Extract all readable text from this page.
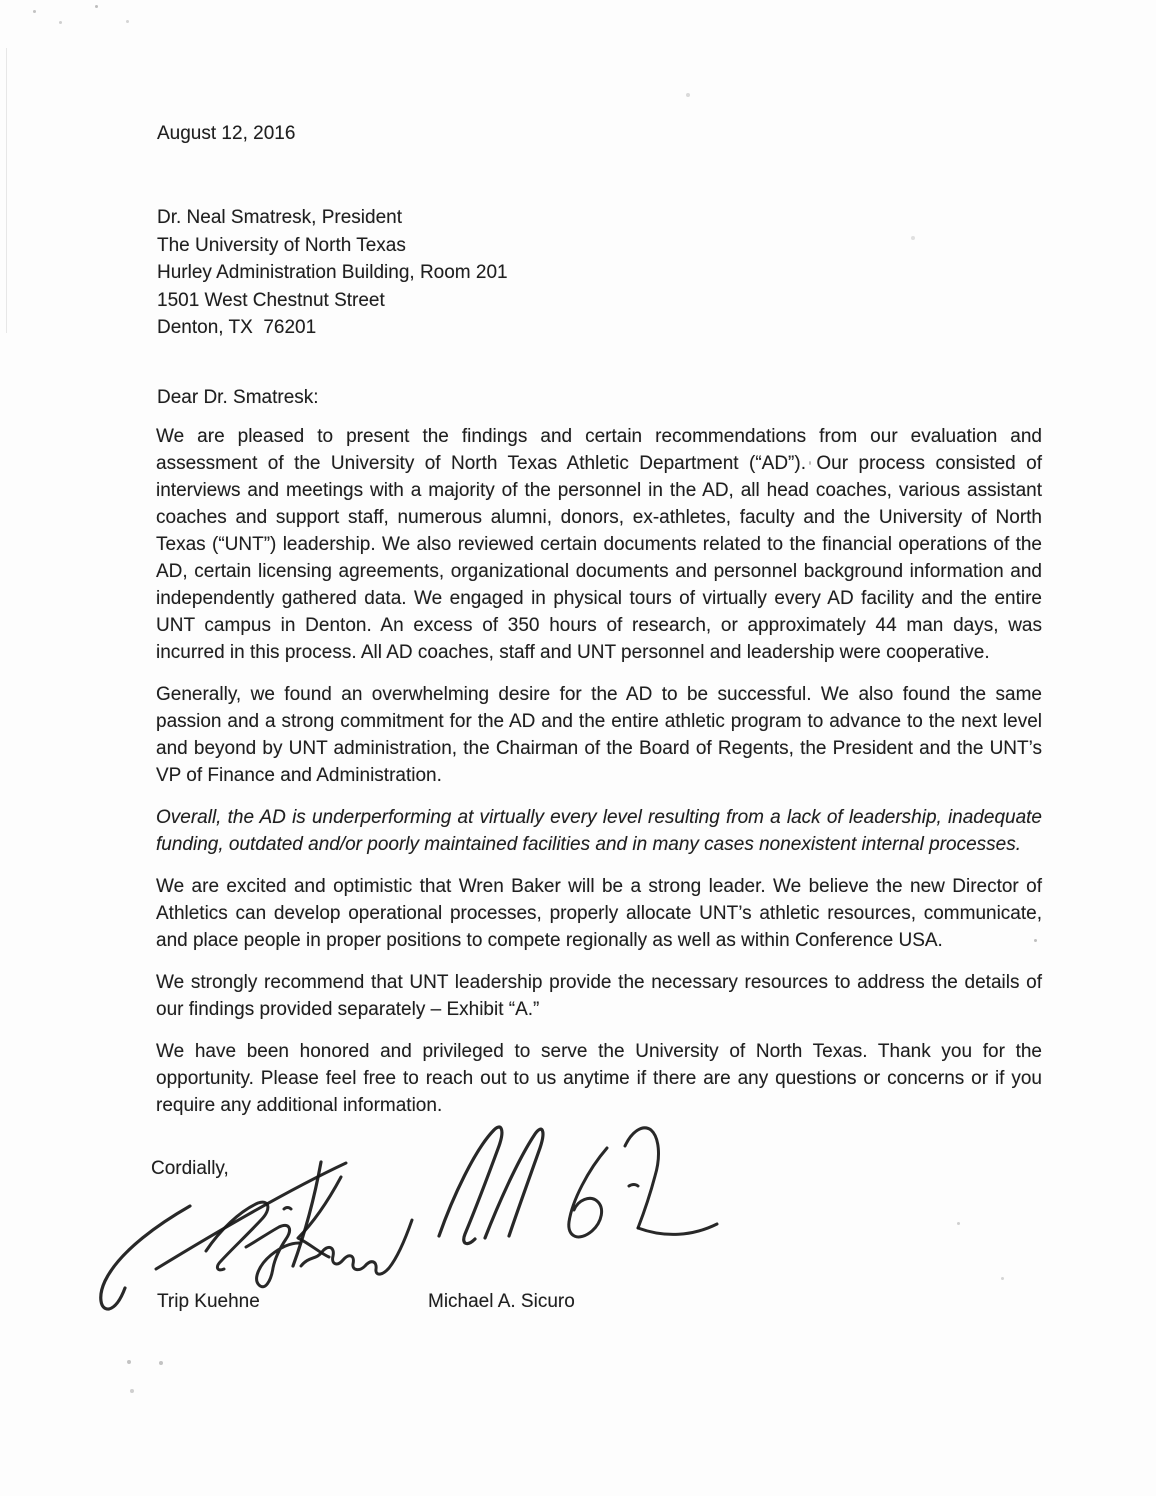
August 12, 2016
Dr. Neal Smatresk, President
The University of North Texas
Hurley Administration Building, Room 201
1501 West Chestnut Street
Denton, TX  76201
Dear Dr. Smatresk:

We are pleased to present the findings and certain recommendations from our evaluation and assessment of the University of North Texas Athletic Department (“AD”). Our process consisted of interviews and meetings with a majority of the personnel in the AD, all head coaches, various assistant coaches and support staff, numerous alumni, donors, ex-athletes, faculty and the University of North Texas (“UNT”) leadership. We also reviewed certain documents related to the financial operations of the AD, certain licensing agreements, organizational documents and personnel background information and independently gathered data. We engaged in physical tours of virtually every AD facility and the entire UNT campus in Denton. An excess of 350 hours of research, or approximately 44 man days, was incurred in this process. All AD coaches, staff and UNT personnel and leadership were cooperative.

Generally, we found an overwhelming desire for the AD to be successful. We also found the same passion and a strong commitment for the AD and the entire athletic program to advance to the next level and beyond by UNT administration, the Chairman of the Board of Regents, the President and the UNT’s VP of Finance and Administration.

Overall, the AD is underperforming at virtually every level resulting from a lack of leadership, inadequate funding, outdated and/or poorly maintained facilities and in many cases nonexistent internal processes.

We are excited and optimistic that Wren Baker will be a strong leader. We believe the new Director of Athletics can develop operational processes, properly allocate UNT’s athletic resources, communicate, and place people in proper positions to compete regionally as well as within Conference USA.

We strongly recommend that UNT leadership provide the necessary resources to address the details of our findings provided separately – Exhibit “A.”

We have been honored and privileged to serve the University of North Texas. Thank you for the opportunity. Please feel free to reach out to us anytime if there are any questions or concerns or if you require any additional information.

Cordially,
Trip Kuehne	Michael A. Sicuro
